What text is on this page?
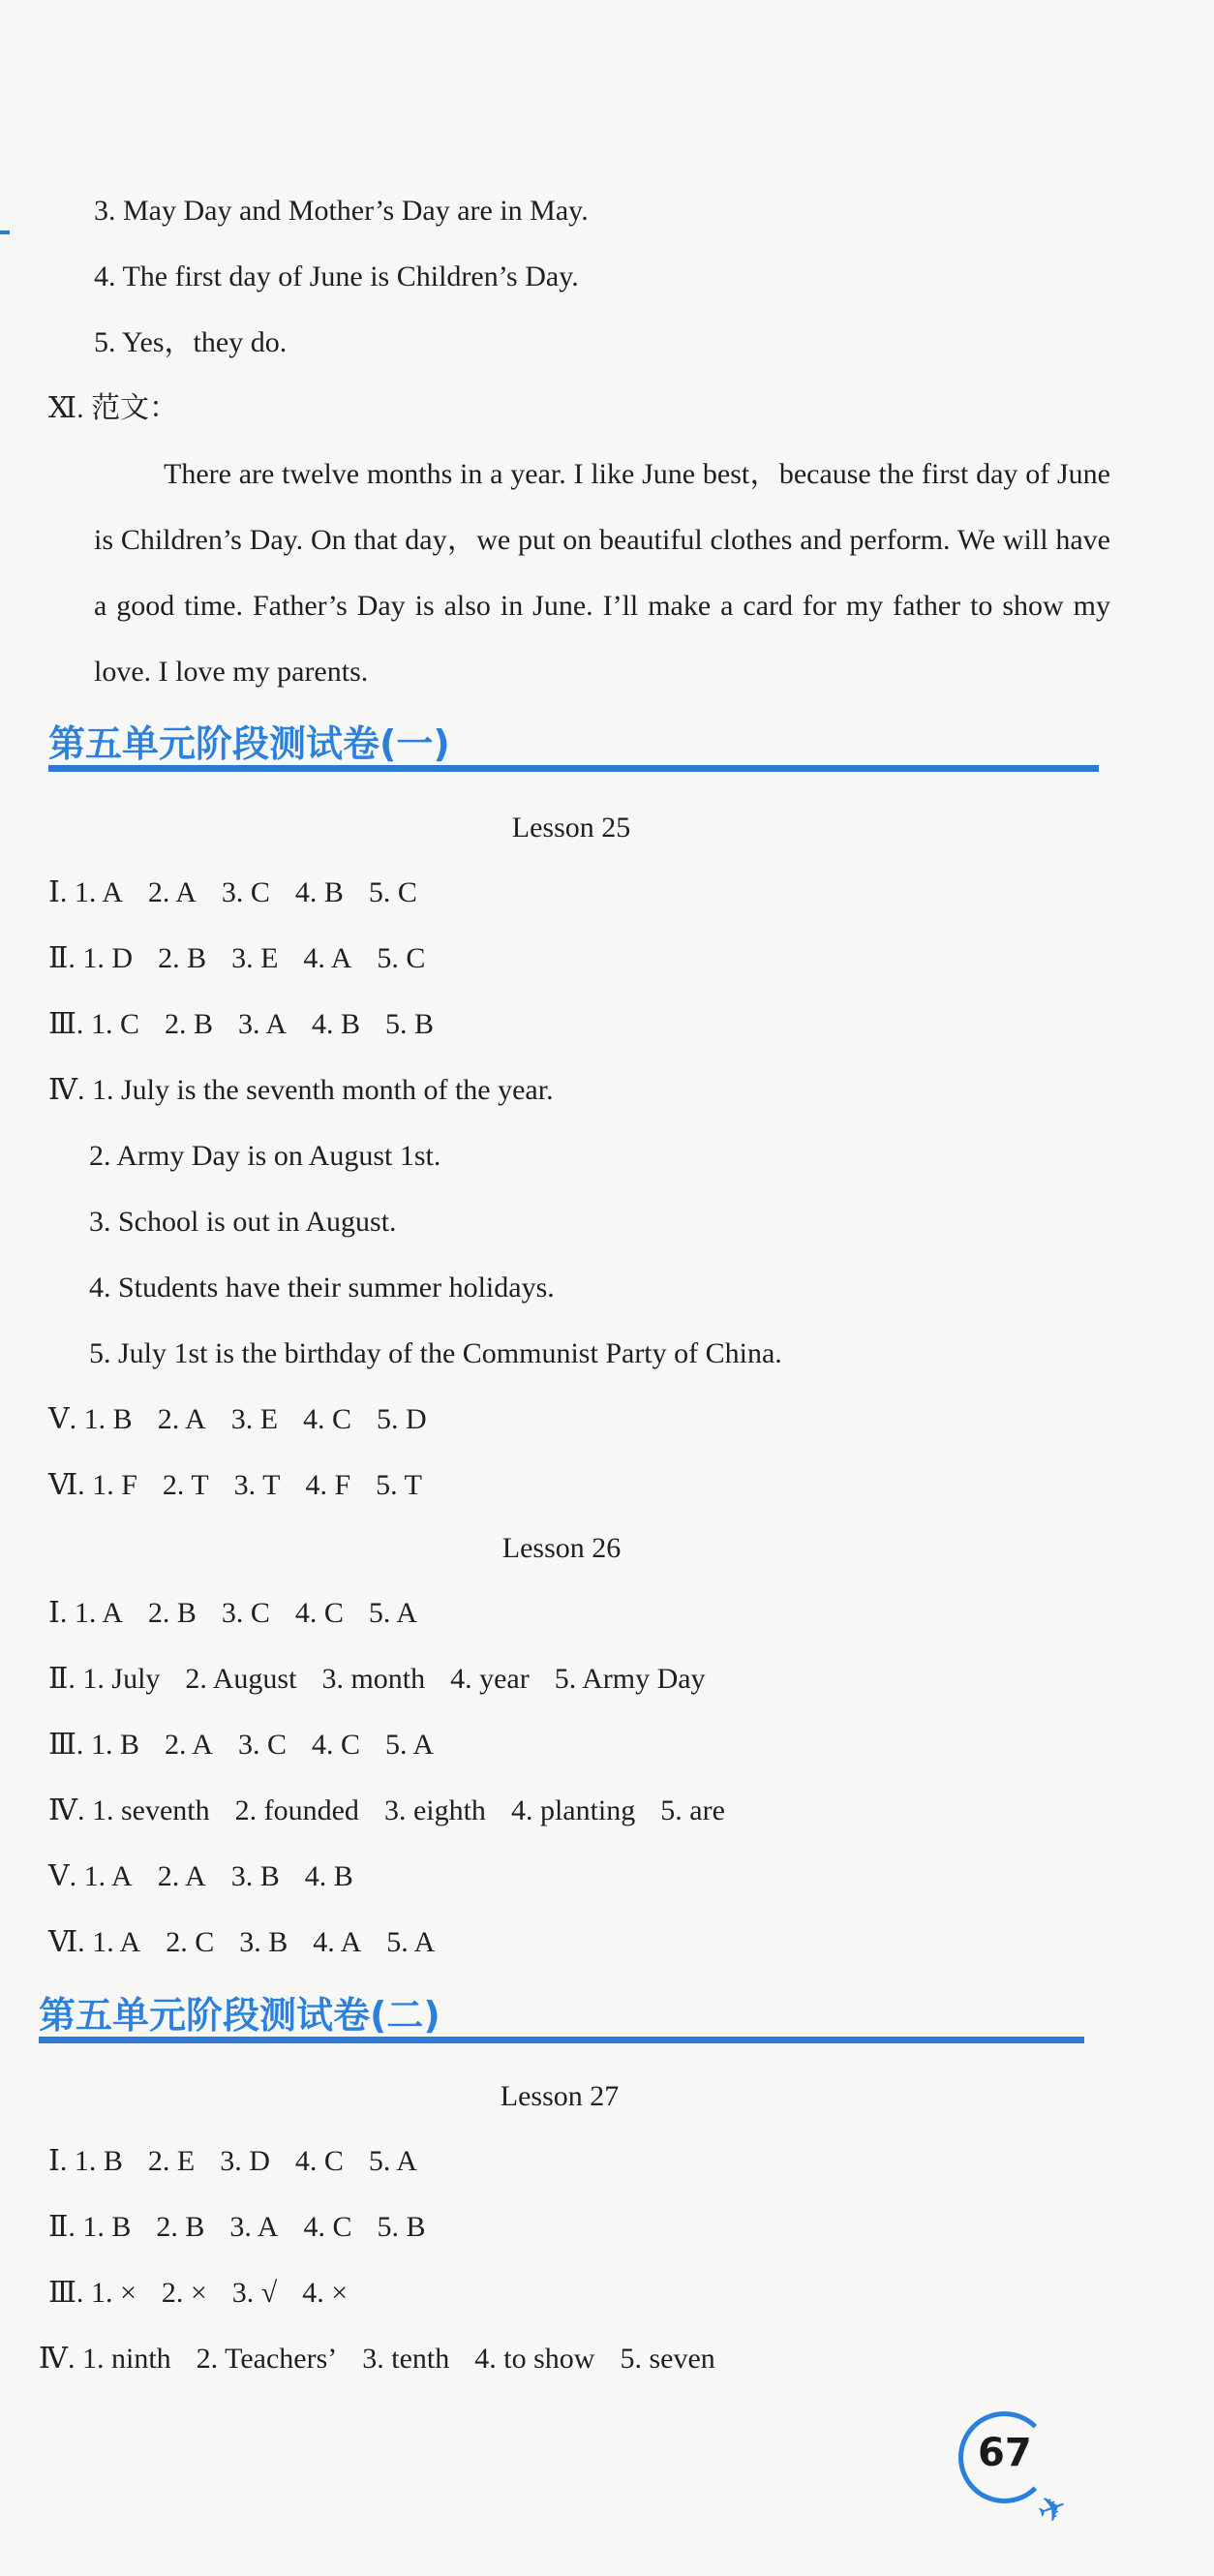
3. May Day and Mother’s Day are in May.
4. The first day of June is Children’s Day.
5. Yes，they do.
Ⅺ. 范文：
There are twelve months in a year. I like June best，because the first day of June is Children’s Day. On that day，we put on beautiful clothes and perform. We will have a good time. Father’s Day is also in June. I’ll make a card for my father to show my love. I love my parents.
第五单元阶段测试卷(一)
Lesson 25
Ⅰ. 1. A 2. A 3. C 4. B 5. C
Ⅱ. 1. D 2. B 3. E 4. A 5. C
Ⅲ. 1. C 2. B 3. A 4. B 5. B
Ⅳ. 1. July is the seventh month of the year.
2. Army Day is on August 1st.
3. School is out in August.
4. Students have their summer holidays.
5. July 1st is the birthday of the Communist Party of China.
Ⅴ. 1. B 2. A 3. E 4. C 5. D
Ⅵ. 1. F 2. T 3. T 4. F 5. T
Lesson 26
Ⅰ. 1. A 2. B 3. C 4. C 5. A
Ⅱ. 1. July 2. August 3. month 4. year 5. Army Day
Ⅲ. 1. B 2. A 3. C 4. C 5. A
Ⅳ. 1. seventh 2. founded 3. eighth 4. planting 5. are
Ⅴ. 1. A 2. A 3. B 4. B
Ⅵ. 1. A 2. C 3. B 4. A 5. A
第五单元阶段测试卷(二)
Lesson 27
Ⅰ. 1. B 2. E 3. D 4. C 5. A
Ⅱ. 1. B 2. B 3. A 4. C 5. B
Ⅲ. 1. × 2. × 3. √ 4. ×
Ⅳ. 1. ninth 2. Teachers’ 3. tenth 4. to show 5. seven
67
✈
